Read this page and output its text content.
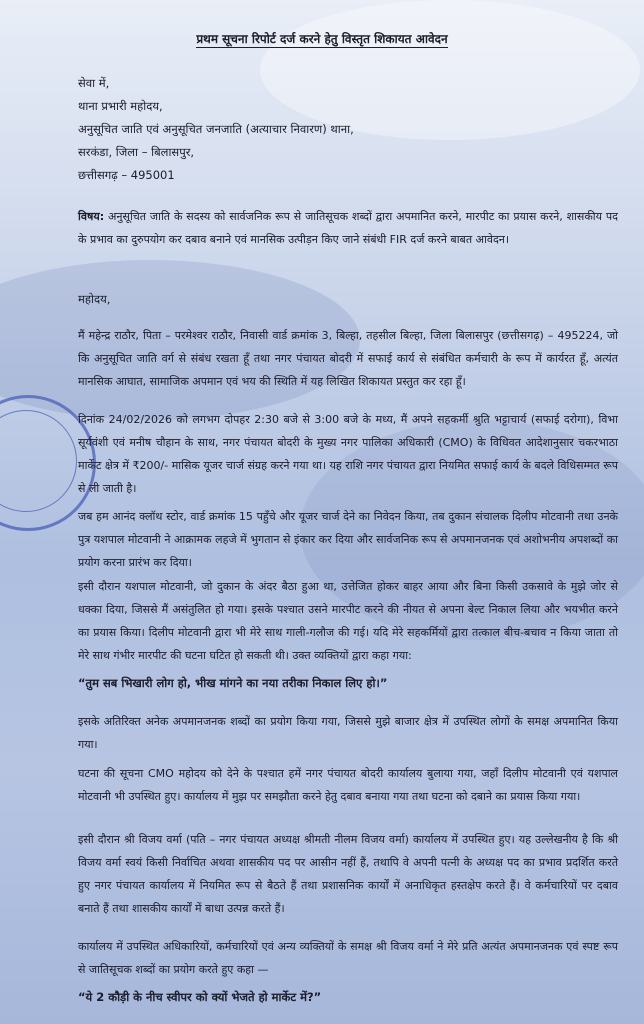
प्रथम सूचना रिपोर्ट दर्ज करने हेतु विस्तृत शिकायत आवेदन
सेवा में,
थाना प्रभारी महोदय,
अनुसूचित जाति एवं अनुसूचित जनजाति (अत्याचार निवारण) थाना,
सरकंडा, जिला – बिलासपुर,
छत्तीसगढ़ – 495001
विषय: अनुसूचित जाति के सदस्य को सार्वजनिक रूप से जातिसूचक शब्दों द्वारा अपमानित करने, मारपीट का प्रयास करने, शासकीय पद के प्रभाव का दुरुपयोग कर दबाव बनाने एवं मानसिक उत्पीड़न किए जाने संबंधी FIR दर्ज करने बाबत आवेदन।
महोदय,
मैं महेन्द्र राठौर, पिता – परमेश्वर राठौर, निवासी वार्ड क्रमांक 3, बिल्हा, तहसील बिल्हा, जिला बिलासपुर (छत्तीसगढ़) – 495224, जो कि अनुसूचित जाति वर्ग से संबंध रखता हूँ तथा नगर पंचायत बोदरी में सफाई कार्य से संबंधित कर्मचारी के रूप में कार्यरत हूँ, अत्यंत मानसिक आघात, सामाजिक अपमान एवं भय की स्थिति में यह लिखित शिकायत प्रस्तुत कर रहा हूँ।
दिनांक 24/02/2026 को लगभग दोपहर 2:30 बजे से 3:00 बजे के मध्य, मैं अपने सहकर्मी श्रुति भट्टाचार्य (सफाई दरोगा), विभा सूर्यवंशी एवं मनीष चौहान के साथ, नगर पंचायत बोदरी के मुख्य नगर पालिका अधिकारी (CMO) के विधिवत आदेशानुसार चकरभाठा मार्केट क्षेत्र में ₹200/- मासिक यूजर चार्ज संग्रह करने गया था। यह राशि नगर पंचायत द्वारा नियमित सफाई कार्य के बदले विधिसम्मत रूप से ली जाती है।
जब हम आनंद क्लॉथ स्टोर, वार्ड क्रमांक 15 पहुँचे और यूजर चार्ज देने का निवेदन किया, तब दुकान संचालक दिलीप मोटवानी तथा उनके पुत्र यशपाल मोटवानी ने आक्रामक लहजे में भुगतान से इंकार कर दिया और सार्वजनिक रूप से अपमानजनक एवं अशोभनीय अपशब्दों का प्रयोग करना प्रारंभ कर दिया।
इसी दौरान यशपाल मोटवानी, जो दुकान के अंदर बैठा हुआ था, उत्तेजित होकर बाहर आया और बिना किसी उकसावे के मुझे जोर से धक्का दिया, जिससे मैं असंतुलित हो गया। इसके पश्चात उसने मारपीट करने की नीयत से अपना बेल्ट निकाल लिया और भयभीत करने का प्रयास किया। दिलीप मोटवानी द्वारा भी मेरे साथ गाली-गलौज की गई। यदि मेरे सहकर्मियों द्वारा तत्काल बीच-बचाव न किया जाता तो मेरे साथ गंभीर मारपीट की घटना घटित हो सकती थी। उक्त व्यक्तियों द्वारा कहा गया:
“तुम सब भिखारी लोग हो, भीख मांगने का नया तरीका निकाल लिए हो।”
इसके अतिरिक्त अनेक अपमानजनक शब्दों का प्रयोग किया गया, जिससे मुझे बाजार क्षेत्र में उपस्थित लोगों के समक्ष अपमानित किया गया।
घटना की सूचना CMO महोदय को देने के पश्चात हमें नगर पंचायत बोदरी कार्यालय बुलाया गया, जहाँ दिलीप मोटवानी एवं यशपाल मोटवानी भी उपस्थित हुए। कार्यालय में मुझ पर समझौता करने हेतु दबाव बनाया गया तथा घटना को दबाने का प्रयास किया गया।
इसी दौरान श्री विजय वर्मा (पति – नगर पंचायत अध्यक्ष श्रीमती नीलम विजय वर्मा) कार्यालय में उपस्थित हुए। यह उल्लेखनीय है कि श्री विजय वर्मा स्वयं किसी निर्वाचित अथवा शासकीय पद पर आसीन नहीं हैं, तथापि वे अपनी पत्नी के अध्यक्ष पद का प्रभाव प्रदर्शित करते हुए नगर पंचायत कार्यालय में नियमित रूप से बैठते हैं तथा प्रशासनिक कार्यों में अनाधिकृत हस्तक्षेप करते हैं। वे कर्मचारियों पर दबाव बनाते हैं तथा शासकीय कार्यों में बाधा उत्पन्न करते हैं।
कार्यालय में उपस्थित अधिकारियों, कर्मचारियों एवं अन्य व्यक्तियों के समक्ष श्री विजय वर्मा ने मेरे प्रति अत्यंत अपमानजनक एवं स्पष्ट रूप से जातिसूचक शब्दों का प्रयोग करते हुए कहा —
“ये 2 कौड़ी के नीच स्वीपर को क्यों भेजते हो मार्केट में?”
